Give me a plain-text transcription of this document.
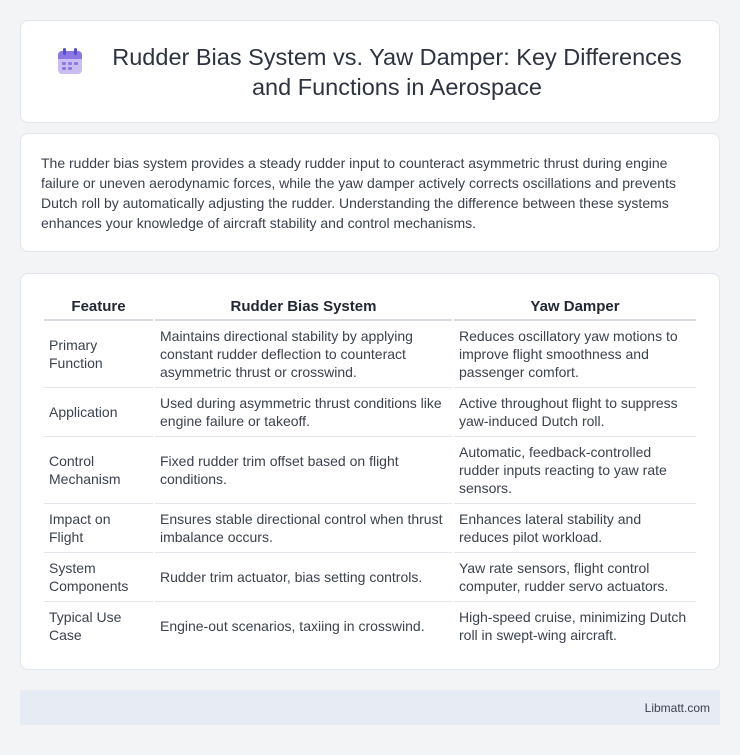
Rudder Bias System vs. Yaw Damper: Key Differences and Functions in Aerospace

The rudder bias system provides a steady rudder input to counteract asymmetric thrust during engine failure or uneven aerodynamic forces, while the yaw damper actively corrects oscillations and prevents Dutch roll by automatically adjusting the rudder. Understanding the difference between these systems enhances your knowledge of aircraft stability and control mechanisms.

Feature	Rudder Bias System	Yaw Damper
Primary Function	Maintains directional stability by applying constant rudder deflection to counteract asymmetric thrust or crosswind.	Reduces oscillatory yaw motions to improve flight smoothness and passenger comfort.
Application	Used during asymmetric thrust conditions like engine failure or takeoff.	Active throughout flight to suppress yaw-induced Dutch roll.
Control Mechanism	Fixed rudder trim offset based on flight conditions.	Automatic, feedback-controlled rudder inputs reacting to yaw rate sensors.
Impact on Flight	Ensures stable directional control when thrust imbalance occurs.	Enhances lateral stability and reduces pilot workload.
System Components	Rudder trim actuator, bias setting controls.	Yaw rate sensors, flight control computer, rudder servo actuators.
Typical Use Case	Engine-out scenarios, taxiing in crosswind.	High-speed cruise, minimizing Dutch roll in swept-wing aircraft.
Libmatt.com
